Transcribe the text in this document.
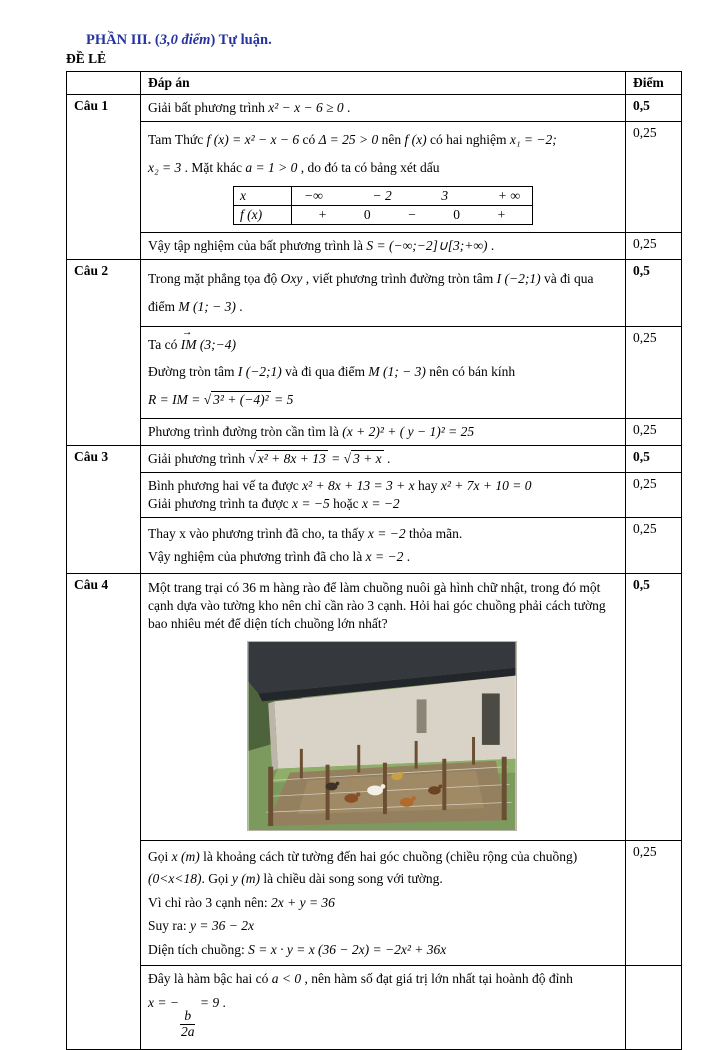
PHẦN III. (3,0 điểm) Tự luận.
ĐỀ LẺ
	Đáp án	Điểm
Câu 1	Giải bất phương trình x² − x − 6 ≥ 0 .	0,5

Tam Thức f (x) = x² − x − 6 có Δ = 25 > 0 nên f (x) có hai nghiệm x₁ = −2;
x₂ = 3 . Mặt khác a = 1 > 0 , do đó ta có bảng xét dấu
x	−∞	− 2	3	+ ∞

f (x)	+	0	−	0	+
	0,25

Vậy tập nghiệm của bất phương trình là S = (−∞;−2]∪[3;+∞) .	0,25
Câu 2	
Trong mặt phẳng tọa độ Oxy , viết phương trình đường tròn tâm I (−2;1) và đi qua điểm M (1; − 3) .
	0,5

Ta có → IM (3;−4)
Đường tròn tâm I (−2;1) và đi qua điểm M (1; − 3) nên có bán kính
R = IM = √ 3² + (−4)² = 5
	0,25

Phương trình đường tròn cần tìm là (x + 2)² + ( y − 1)² = 25	0,25
Câu 3	Giải phương trình √ x² + 8x + 13 = √ 3 + x .	0,5

Bình phương hai vế ta được x² + 8x + 13 = 3 + x hay x² + 7x + 10 = 0
Giải phương trình ta được x = −5 hoặc x = −2
	0,25

Thay x vào phương trình đã cho, ta thấy x = −2 thỏa mãn.
Vậy nghiệm của phương trình đã cho là x = −2 .
	0,25
Câu 4	Một trang trại có 36 m hàng rào để làm chuồng nuôi gà hình chữ nhật, trong đó một cạnh dựa vào tường kho nên chỉ cần rào 3 cạnh. Hỏi hai góc chuồng phải cách tường bao nhiêu mét để diện tích chuồng lớn nhất?
	0,5

Gọi x (m) là khoảng cách từ tường đến hai góc chuồng (chiều rộng của chuồng) (0<x<18). Gọi y (m) là chiều dài song song với tường.
Vì chỉ rào 3 cạnh nên: 2x + y = 36
Suy ra: y = 36 − 2x
Diện tích chuồng: S = x · y = x (36 − 2x) = −2x² + 36x
	0,25

Đây là hàm bậc hai có a < 0 , nên hàm số đạt giá trị lớn nhất tại hoành độ đỉnh
x = −
$\frac{b}{2a}$
= 9 .
